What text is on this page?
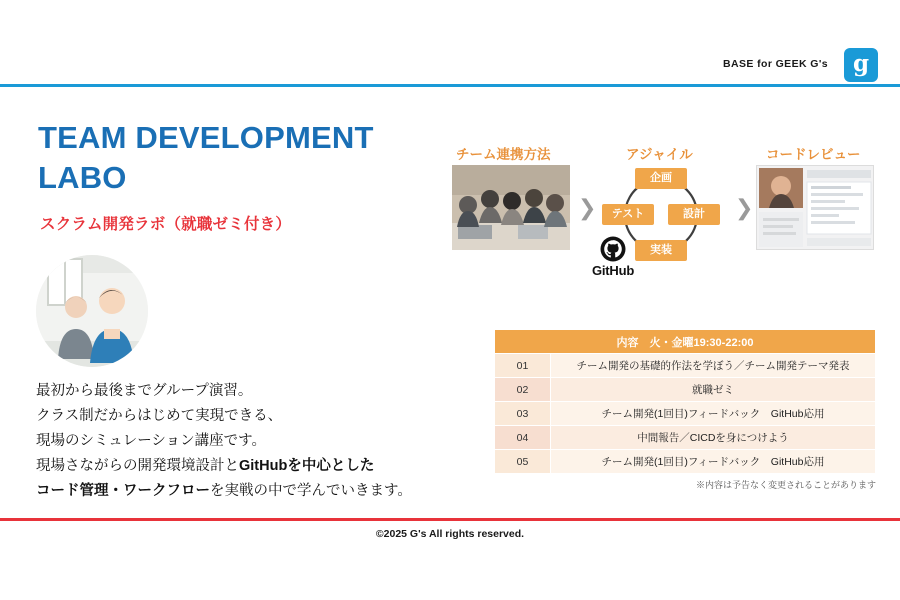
BASE for GEEK G's	g
TEAM DEVELOPMENT LABO
スクラム開発ラボ（就職ゼミ付き）
最初から最後までグループ演習。
クラス制だからはじめて実現できる、
現場のシミュレーション講座です。
現場さながらの開発環境設計とGitHubを中心とした
コード管理・ワークフローを実戦の中で学んでいきます。
チーム連携方法	アジャイル	コードレビュー
❯	❯
企画
テスト	設計
実装
GitHub
内容　火・金曜19:30‑22:00	
01	チーム開発の基礎的作法を学ぼう／チーム開発テーマ発表
02	就職ゼミ
03	チーム開発(1回目)フィードバック　GitHub応用
04	中間報告／CICDを身につけよう
05	チーム開発(1回目)フィードバック　GitHub応用
※内容は予告なく変更されることがあります
©2025 G's All rights reserved.
